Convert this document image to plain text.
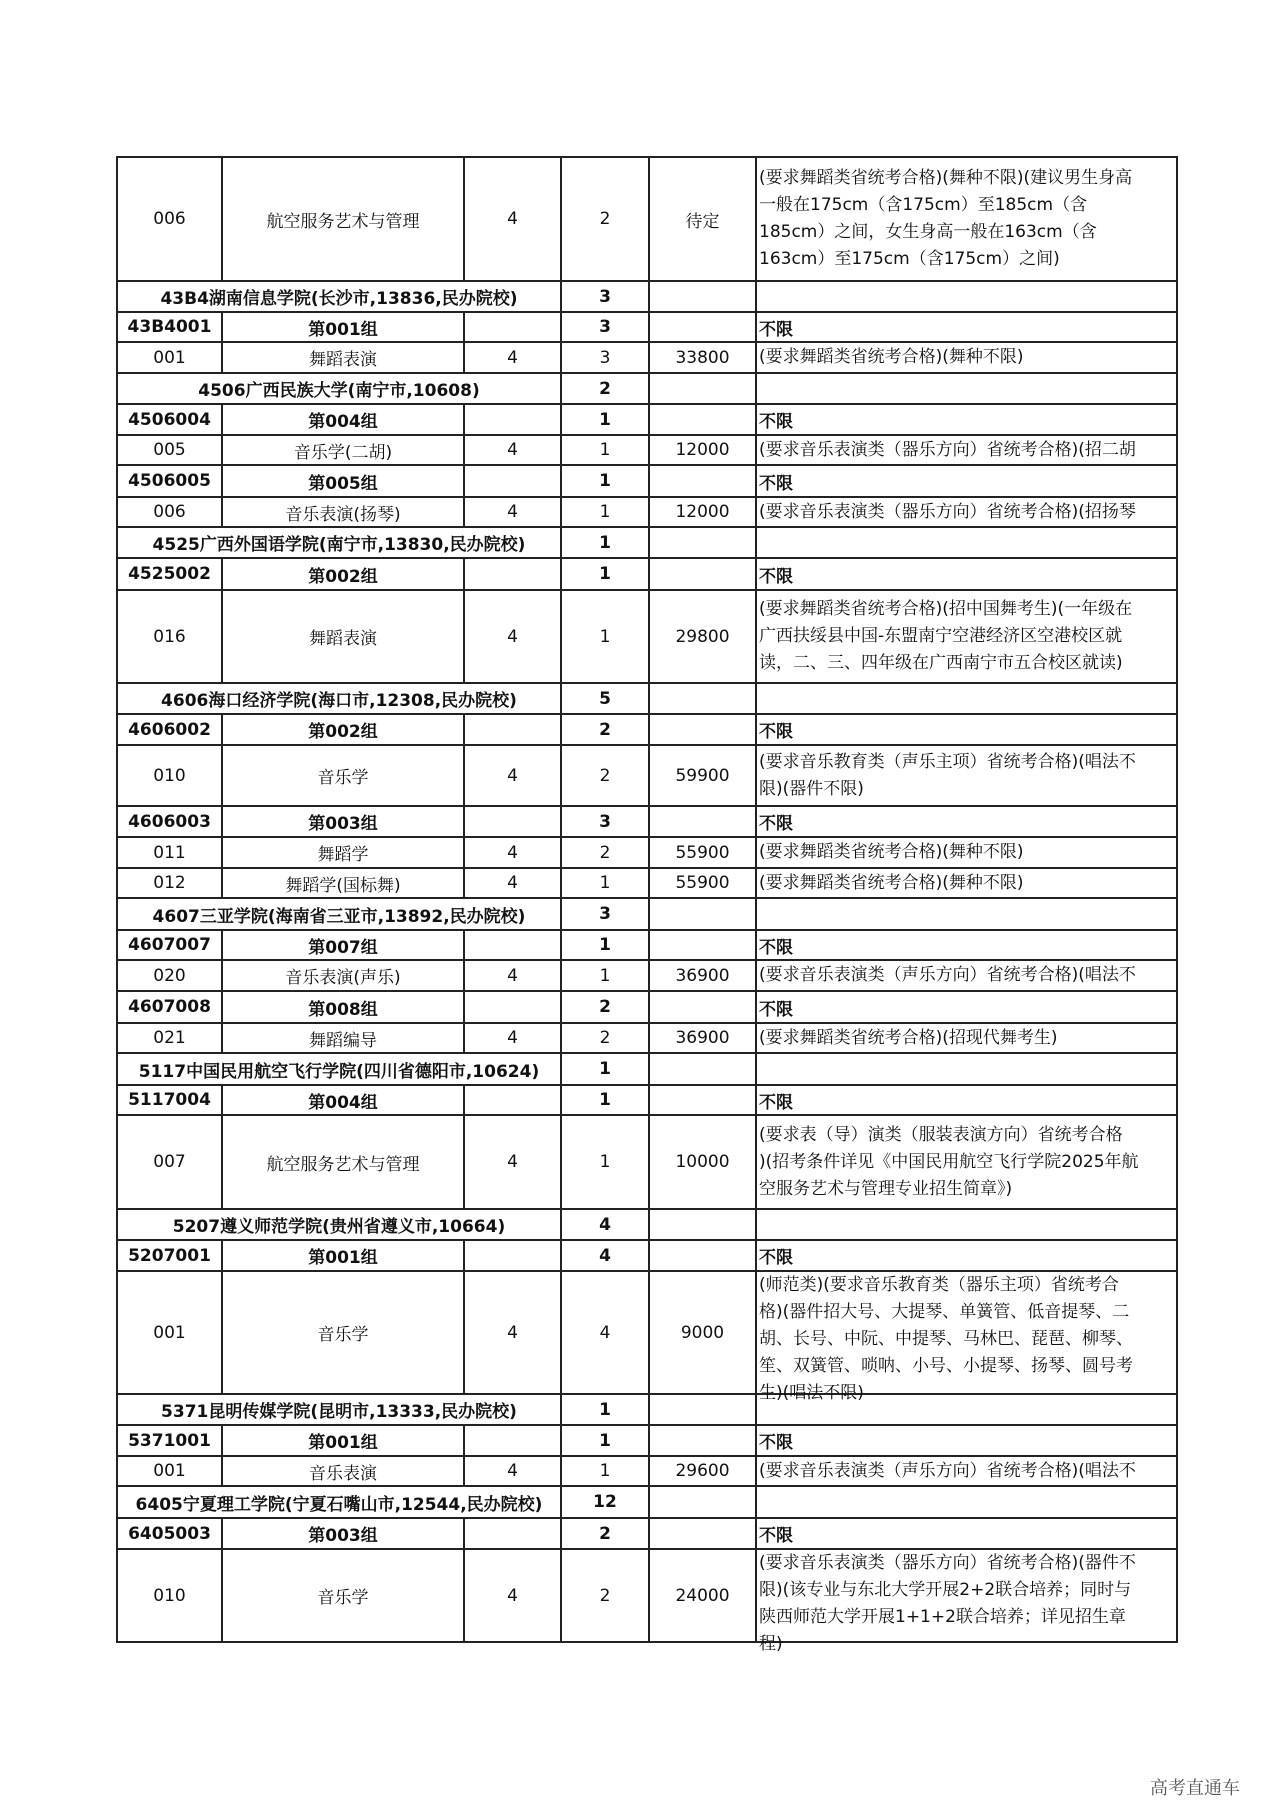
006	航空服务艺术与管理	4	2	待定	(要求舞蹈类省统考合格)(舞种不限)(建议男生身高
一般在175cm（含175cm）至185cm（含
185cm）之间，女生身高一般在163cm（含
163cm）至175cm（含175cm）之间)

43B4湖南信息学院(长沙市,13836,民办院校)			3		

43B4001	第001组		3		不限

001	舞蹈表演	4	3	33800	(要求舞蹈类省统考合格)(舞种不限)

4506广西民族大学(南宁市,10608)			2		

4506004	第004组		1		不限

005	音乐学(二胡)	4	1	12000	(要求音乐表演类（器乐方向）省统考合格)(招二胡

4506005	第005组		1		不限

006	音乐表演(扬琴)	4	1	12000	(要求音乐表演类（器乐方向）省统考合格)(招扬琴

4525广西外国语学院(南宁市,13830,民办院校)			1		

4525002	第002组		1		不限

016	舞蹈表演	4	1	29800	(要求舞蹈类省统考合格)(招中国舞考生)(一年级在
广西扶绥县中国-东盟南宁空港经济区空港校区就
读，二、三、四年级在广西南宁市五合校区就读)

4606海口经济学院(海口市,12308,民办院校)			5		

4606002	第002组		2		不限

010	音乐学	4	2	59900	(要求音乐教育类（声乐主项）省统考合格)(唱法不
限)(器件不限)

4606003	第003组		3		不限

011	舞蹈学	4	2	55900	(要求舞蹈类省统考合格)(舞种不限)

012	舞蹈学(国标舞)	4	1	55900	(要求舞蹈类省统考合格)(舞种不限)

4607三亚学院(海南省三亚市,13892,民办院校)			3		

4607007	第007组		1		不限

020	音乐表演(声乐)	4	1	36900	(要求音乐表演类（声乐方向）省统考合格)(唱法不

4607008	第008组		2		不限

021	舞蹈编导	4	2	36900	(要求舞蹈类省统考合格)(招现代舞考生)

5117中国民用航空飞行学院(四川省德阳市,10624)			1		

5117004	第004组		1		不限

007	航空服务艺术与管理	4	1	10000	(要求表（导）演类（服装表演方向）省统考合格
)(招考条件详见《中国民用航空飞行学院2025年航
空服务艺术与管理专业招生简章》)

5207遵义师范学院(贵州省遵义市,10664)			4		

5207001	第001组		4		不限

001	音乐学	4	4	9000	(师范类)(要求音乐教育类（器乐主项）省统考合
格)(器件招大号、大提琴、单簧管、低音提琴、二
胡、长号、中阮、中提琴、马林巴、琵琶、柳琴、
笙、双簧管、唢呐、小号、小提琴、扬琴、圆号考
生)(唱法不限)

5371昆明传媒学院(昆明市,13333,民办院校)			1		

5371001	第001组		1		不限

001	音乐表演	4	1	29600	(要求音乐表演类（声乐方向）省统考合格)(唱法不

6405宁夏理工学院(宁夏石嘴山市,12544,民办院校)			12		

6405003	第003组		2		不限

010	音乐学	4	2	24000	(要求音乐表演类（器乐方向）省统考合格)(器件不
限)(该专业与东北大学开展2+2联合培养；同时与
陕西师范大学开展1+1+2联合培养；详见招生章
程)
高考直通车
